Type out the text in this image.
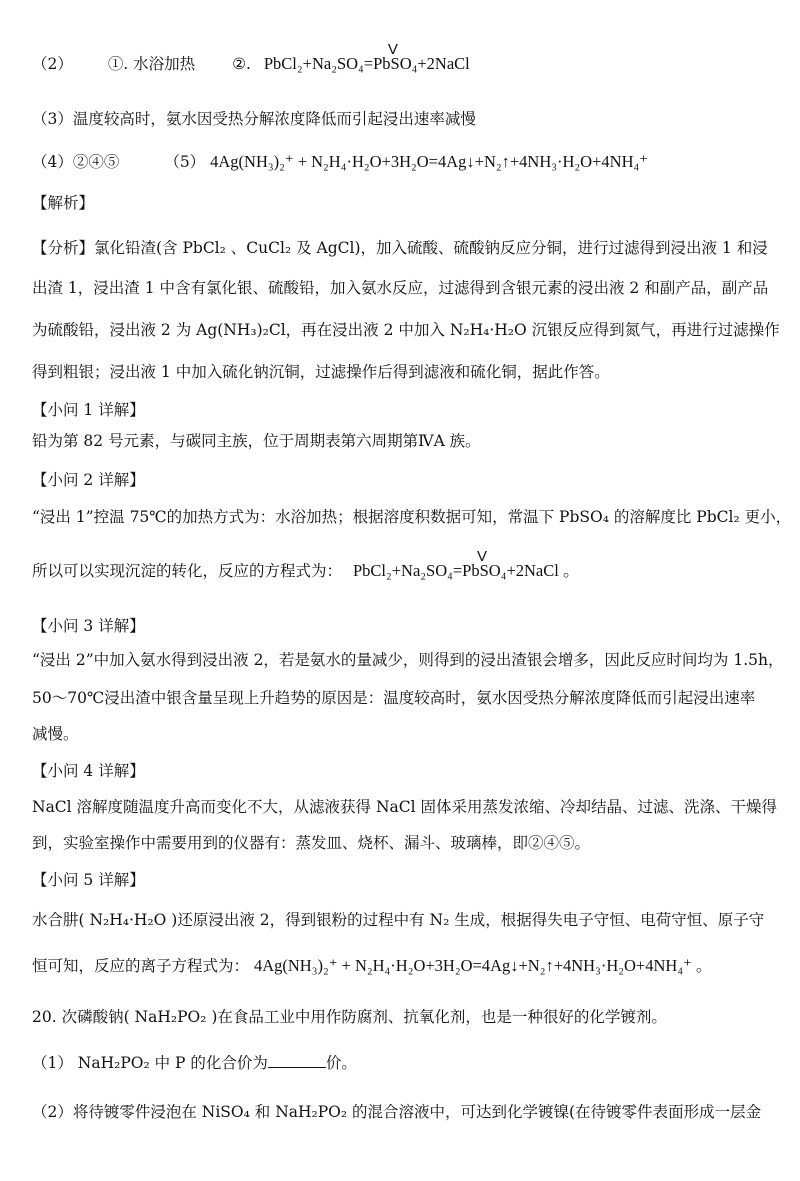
（2） ①. 水浴加热 ②. PbCl₂+Na₂SO₄=PbSO₄+2NaCl
V
（3）温度较高时，氨水因受热分解浓度降低而引起浸出速率减慢
（4）②④⑤	（5） 4Ag(NH₃)₂⁺ + N₂H₄·H₂O+3H₂O=4Ag↓+N₂↑+4NH₃·H₂O+4NH₄⁺
【解析】
【分析】氯化铅渣(含 PbCl₂ 、CuCl₂ 及 AgCl)，加入硫酸、硫酸钠反应分铜，进行过滤得到浸出液 1 和浸
出渣 1，浸出渣 1 中含有氯化银、硫酸铅，加入氨水反应，过滤得到含银元素的浸出液 2 和副产品，副产品
为硫酸铅，浸出液 2 为 Ag(NH₃)₂Cl，再在浸出液 2 中加入 N₂H₄·H₂O 沉银反应得到氮气，再进行过滤操作
得到粗银；浸出液 1 中加入硫化钠沉铜，过滤操作后得到滤液和硫化铜，据此作答。
【小问 1 详解】
铅为第 82 号元素，与碳同主族，位于周期表第六周期第ⅣA 族。
【小问 2 详解】
“浸出 1”控温 75℃的加热方式为：水浴加热；根据溶度积数据可知，常温下 PbSO₄ 的溶解度比 PbCl₂ 更小，
所以可以实现沉淀的转化，反应的方程式为： PbCl₂+Na₂SO₄=PbSO₄+2NaCl 。
V
【小问 3 详解】
“浸出 2”中加入氨水得到浸出液 2，若是氨水的量减少，则得到的浸出渣银会增多，因此反应时间均为 1.5h，
50～70℃浸出渣中银含量呈现上升趋势的原因是：温度较高时，氨水因受热分解浓度降低而引起浸出速率
减慢。
【小问 4 详解】
NaCl 溶解度随温度升高而变化不大，从滤液获得 NaCl 固体采用蒸发浓缩、冷却结晶、过滤、洗涤、干燥得
到，实验室操作中需要用到的仪器有：蒸发皿、烧杯、漏斗、玻璃棒，即②④⑤。
【小问 5 详解】
水合肼( N₂H₄·H₂O )还原浸出液 2，得到银粉的过程中有 N₂ 生成，根据得失电子守恒、电荷守恒、原子守
恒可知，反应的离子方程式为： 4Ag(NH₃)₂⁺ + N₂H₄·H₂O+3H₂O=4Ag↓+N₂↑+4NH₃·H₂O+4NH₄⁺ 。
20. 次磷酸钠( NaH₂PO₂ )在食品工业中用作防腐剂、抗氧化剂，也是一种很好的化学镀剂。
（1） NaH₂PO₂ 中 P 的化合价为	价。
（2）将待镀零件浸泡在 NiSO₄ 和 NaH₂PO₂ 的混合溶液中，可达到化学镀镍(在待镀零件表面形成一层金
